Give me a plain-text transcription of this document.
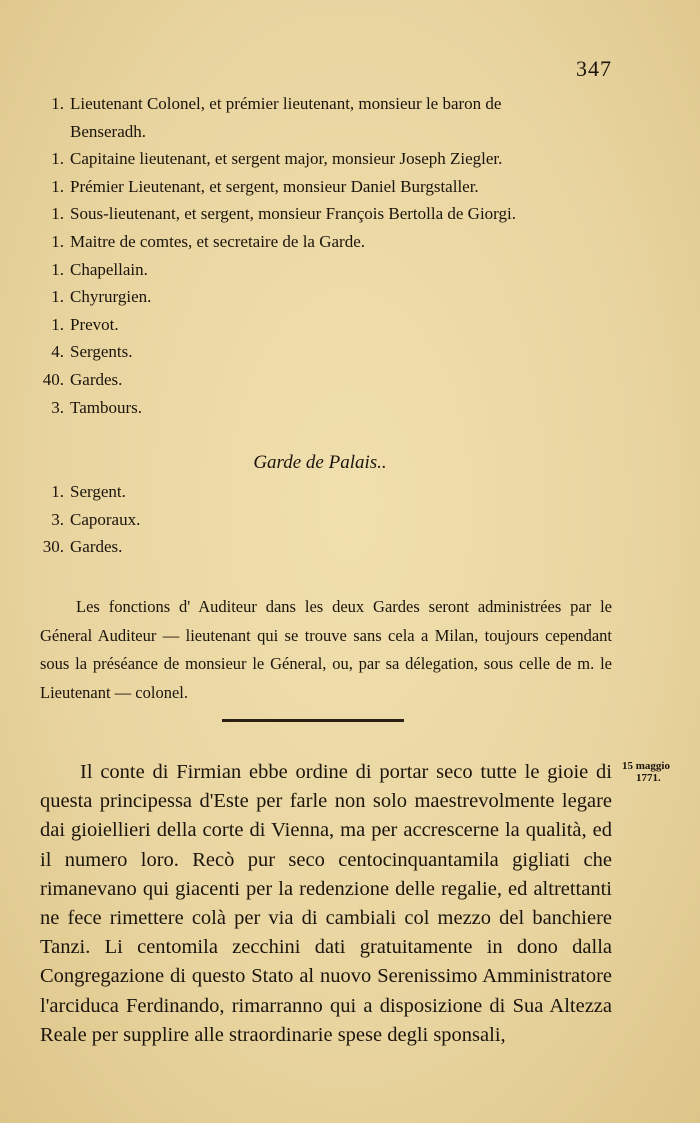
347
1. Lieutenant Colonel, et prémier lieutenant, monsieur le baron de
Benseradh.
1. Capitaine lieutenant, et sergent major, monsieur Joseph Ziegler.
1. Prémier Lieutenant, et sergent, monsieur Daniel Burgstaller.
1. Sous-lieutenant, et sergent, monsieur François Bertolla de Giorgi.
1. Maitre de comtes, et secretaire de la Garde.
1. Chapellain.
1. Chyrurgien.
1. Prevot.
4. Sergents.
40. Gardes.
3. Tambours.
Garde de Palais..
1. Sergent.
3. Caporaux.
30. Gardes.

Les fonctions d' Auditeur dans les deux Gardes seront administrées par le Géneral Auditeur — lieutenant qui se trouve sans cela a Milan, toujours cependant sous la préséance de monsieur le Géneral, ou, par sa délegation, sous celle de m. le Lieutenant — colonel.

15 maggio
1771.

Il conte di Firmian ebbe ordine di portar seco tutte le gioie di questa principessa d'Este per farle non solo maestrevolmente legare dai gioiellieri della corte di Vienna, ma per accrescerne la qualità, ed il numero loro. Recò pur seco centocinquantamila gigliati che rimanevano qui giacenti per la redenzione delle regalie, ed altrettanti ne fece rimettere colà per via di cambiali col mezzo del banchiere Tanzi. Li centomila zecchini dati gratuitamente in dono dalla Congregazione di questo Stato al nuovo Serenissimo Amministratore l'arciduca Ferdinando, rimarranno qui a disposizione di Sua Altezza Reale per supplire alle straordinarie spese degli sponsali,
